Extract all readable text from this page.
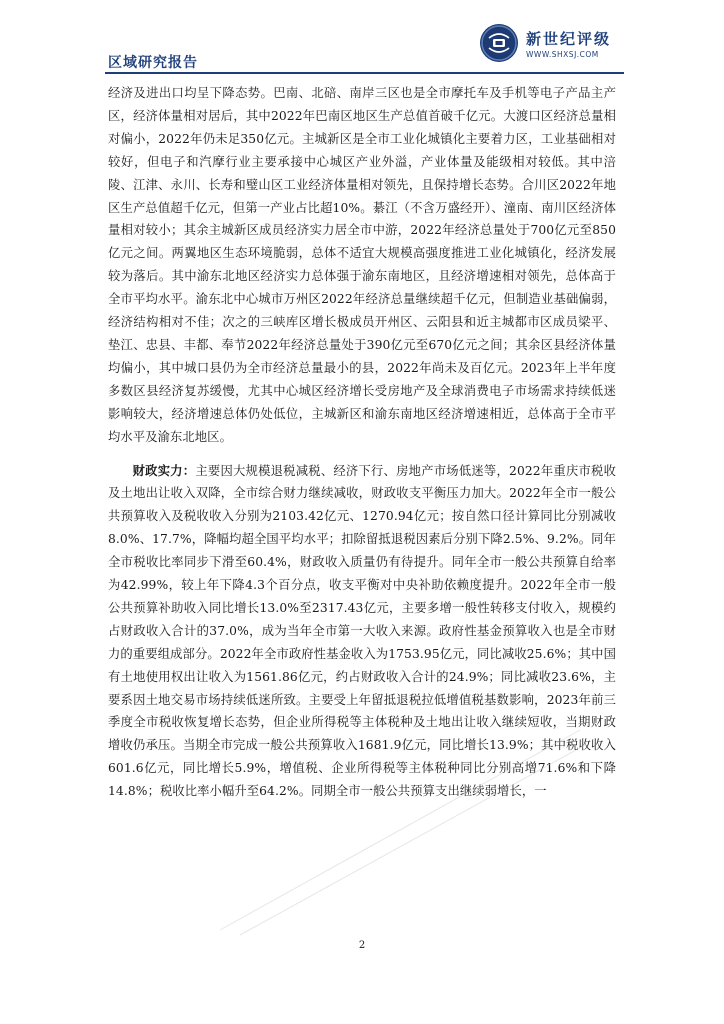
区域研究报告
新世纪评级
WWW.SHXSJ.COM

经济及进出口均呈下降态势。巴南、北碚、南岸三区也是全市摩托车及手机等电子产品主产区，经济体量相对居后，其中2022年巴南区地区生产总值首破千亿元。大渡口区经济总量相对偏小，2022年仍未足350亿元。主城新区是全市工业化城镇化主要着力区，工业基础相对较好，但电子和汽摩行业主要承接中心城区产业外溢，产业体量及能级相对较低。其中涪陵、江津、永川、长寿和璧山区工业经济体量相对领先，且保持增长态势。合川区2022年地区生产总值超千亿元，但第一产业占比超10%。綦江（不含万盛经开）、潼南、南川区经济体量相对较小；其余主城新区成员经济实力居全市中游，2022年经济总量处于700亿元至850亿元之间。两翼地区生态环境脆弱，总体不适宜大规模高强度推进工业化城镇化，经济发展较为落后。其中渝东北地区经济实力总体强于渝东南地区，且经济增速相对领先，总体高于全市平均水平。渝东北中心城市万州区2022年经济总量继续超千亿元，但制造业基础偏弱，经济结构相对不佳；次之的三峡库区增长极成员开州区、云阳县和近主城都市区成员梁平、垫江、忠县、丰都、奉节2022年经济总量处于390亿元至670亿元之间；其余区县经济体量均偏小，其中城口县仍为全市经济总量最小的县，2022年尚未及百亿元。2023年上半年度多数区县经济复苏缓慢，尤其中心城区经济增长受房地产及全球消费电子市场需求持续低迷影响较大，经济增速总体仍处低位，主城新区和渝东南地区经济增速相近，总体高于全市平均水平及渝东北地区。

财政实力：主要因大规模退税减税、经济下行、房地产市场低迷等，2022年重庆市税收及土地出让收入双降，全市综合财力继续减收，财政收支平衡压力加大。2022年全市一般公共预算收入及税收收入分别为2103.42亿元、1270.94亿元；按自然口径计算同比分别减收8.0%、17.7%，降幅均超全国平均水平；扣除留抵退税因素后分别下降2.5%、9.2%。同年全市税收比率同步下滑至60.4%，财政收入质量仍有待提升。同年全市一般公共预算自给率为42.99%，较上年下降4.3个百分点，收支平衡对中央补助依赖度提升。2022年全市一般公共预算补助收入同比增长13.0%至2317.43亿元，主要多增一般性转移支付收入，规模约占财政收入合计的37.0%，成为当年全市第一大收入来源。政府性基金预算收入也是全市财力的重要组成部分。2022年全市政府性基金收入为1753.95亿元，同比减收25.6%；其中国有土地使用权出让收入为1561.86亿元，约占财政收入合计的24.9%；同比减收23.6%，主要系因土地交易市场持续低迷所致。主要受上年留抵退税拉低增值税基数影响，2023年前三季度全市税收恢复增长态势，但企业所得税等主体税种及土地出让收入继续短收，当期财政增收仍承压。当期全市完成一般公共预算收入1681.9亿元，同比增长13.9%；其中税收收入601.6亿元，同比增长5.9%，增值税、企业所得税等主体税种同比分别高增71.6%和下降14.8%；税收比率小幅升至64.2%。同期全市一般公共预算支出继续弱增长，一

2
